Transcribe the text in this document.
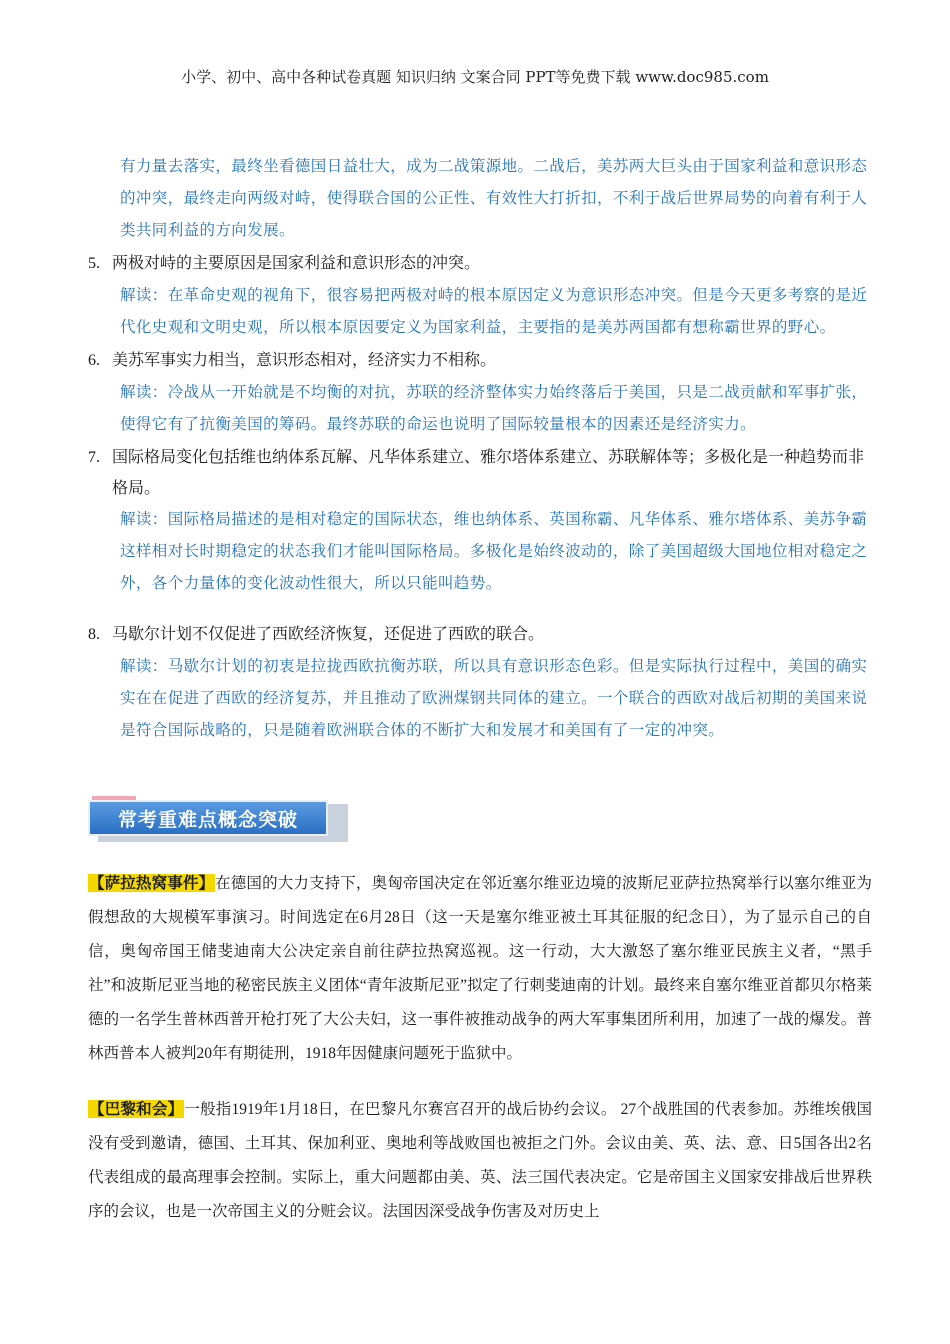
小学、初中、高中各种试卷真题 知识归纳 文案合同 PPT等免费下载 www.doc985.com
有力量去落实，最终坐看德国日益壮大，成为二战策源地。二战后，美苏两大巨头由于国家利益和意识形态的冲突，最终走向两级对峙，使得联合国的公正性、有效性大打折扣，不利于战后世界局势的向着有利于人类共同利益的方向发展。
5. 两极对峙的主要原因是国家利益和意识形态的冲突。
解读：在革命史观的视角下，很容易把两极对峙的根本原因定义为意识形态冲突。但是今天更多考察的是近代化史观和文明史观，所以根本原因要定义为国家利益，主要指的是美苏两国都有想称霸世界的野心。
6. 美苏军事实力相当，意识形态相对，经济实力不相称。
解读：冷战从一开始就是不均衡的对抗，苏联的经济整体实力始终落后于美国，只是二战贡献和军事扩张，使得它有了抗衡美国的筹码。最终苏联的命运也说明了国际较量根本的因素还是经济实力。
7. 国际格局变化包括维也纳体系瓦解、凡华体系建立、雅尔塔体系建立、苏联解体等；多极化是一种趋势而非格局。
解读：国际格局描述的是相对稳定的国际状态，维也纳体系、英国称霸、凡华体系、雅尔塔体系、美苏争霸这样相对长时期稳定的状态我们才能叫国际格局。多极化是始终波动的，除了美国超级大国地位相对稳定之外，各个力量体的变化波动性很大，所以只能叫趋势。
8. 马歇尔计划不仅促进了西欧经济恢复，还促进了西欧的联合。
解读：马歇尔计划的初衷是拉拢西欧抗衡苏联，所以具有意识形态色彩。但是实际执行过程中，美国的确实实在在促进了西欧的经济复苏，并且推动了欧洲煤钢共同体的建立。一个联合的西欧对战后初期的美国来说是符合国际战略的，只是随着欧洲联合体的不断扩大和发展才和美国有了一定的冲突。
常考重难点概念突破
【萨拉热窝事件】在德国的大力支持下，奥匈帝国决定在邻近塞尔维亚边境的波斯尼亚萨拉热窝举行以塞尔维亚为假想敌的大规模军事演习。时间选定在6月28日（这一天是塞尔维亚被土耳其征服的纪念日），为了显示自己的自信，奥匈帝国王储斐迪南大公决定亲自前往萨拉热窝巡视。这一行动，大大激怒了塞尔维亚民族主义者，“黑手社”和波斯尼亚当地的秘密民族主义团体“青年波斯尼亚”拟定了行刺斐迪南的计划。最终来自塞尔维亚首都贝尔格莱德的一名学生普林西普开枪打死了大公夫妇，这一事件被推动战争的两大军事集团所利用，加速了一战的爆发。普林西普本人被判20年有期徒刑，1918年因健康问题死于监狱中。
【巴黎和会】一般指1919年1月18日，在巴黎凡尔赛宫召开的战后协约会议。 27个战胜国的代表参加。苏维埃俄国没有受到邀请，德国、土耳其、保加利亚、奥地利等战败国也被拒之门外。会议由美、英、法、意、日5国各出2名代表组成的最高理事会控制。实际上，重大问题都由美、英、法三国代表决定。它是帝国主义国家安排战后世界秩序的会议，也是一次帝国主义的分赃会议。法国因深受战争伤害及对历史上
